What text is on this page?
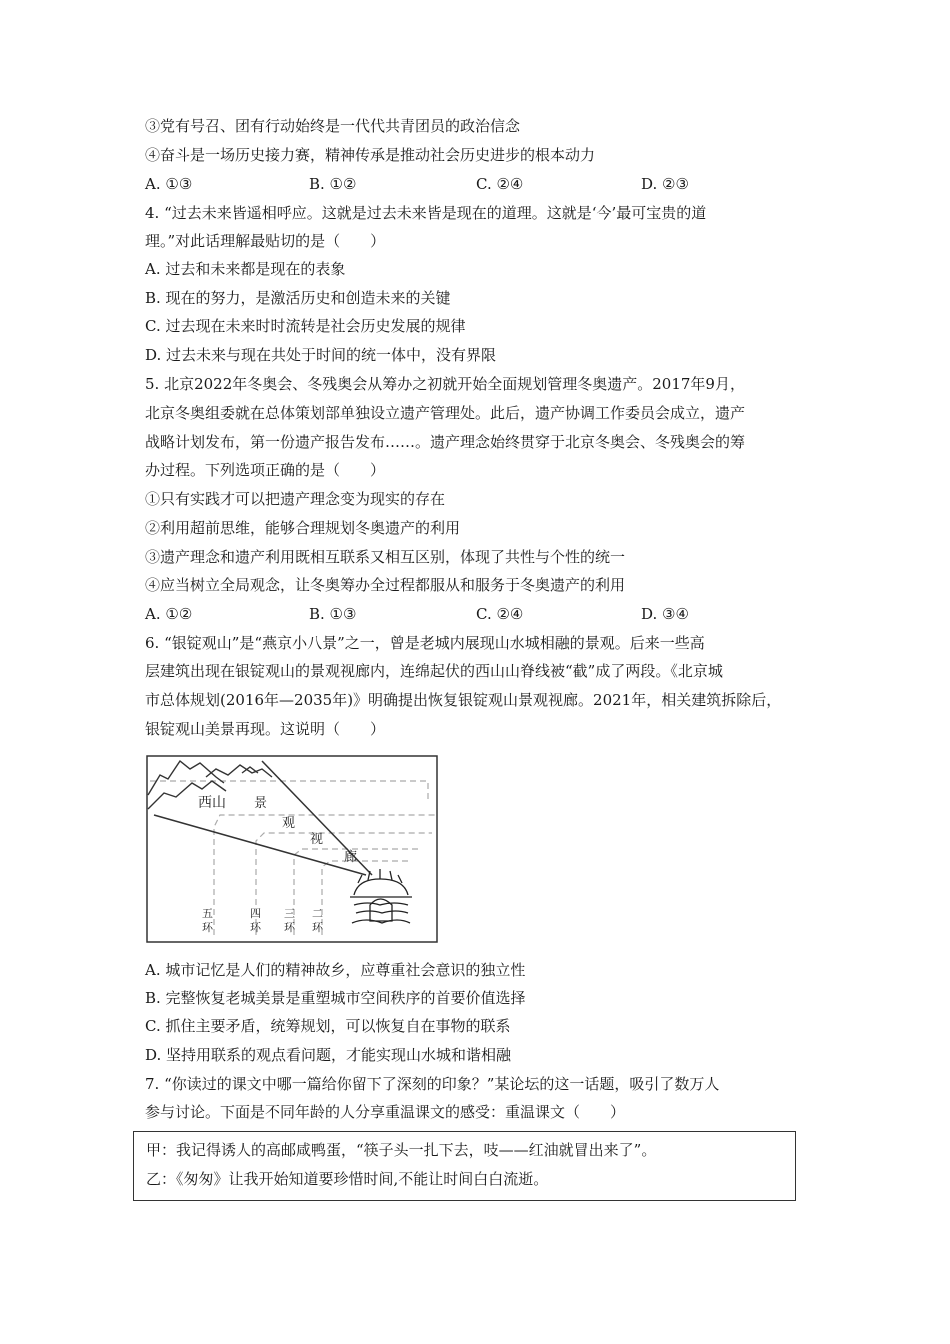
③党有号召、团有行动始终是一代代共青团员的政治信念
④奋斗是一场历史接力赛，精神传承是推动社会历史进步的根本动力
A. ①③	B. ①②	C. ②④	D. ②③
4. “过去未来皆遥相呼应。这就是过去未来皆是现在的道理。这就是‘今’最可宝贵的道
理。”对此话理解最贴切的是（　　）
A. 过去和未来都是现在的表象
B. 现在的努力，是激活历史和创造未来的关键
C. 过去现在未来时时流转是社会历史发展的规律
D. 过去未来与现在共处于时间的统一体中，没有界限
5. 北京2022年冬奥会、冬残奥会从筹办之初就开始全面规划管理冬奥遗产。2017年9月，
北京冬奥组委就在总体策划部单独设立遗产管理处。此后，遗产协调工作委员会成立，遗产
战略计划发布，第一份遗产报告发布……。遗产理念始终贯穿于北京冬奥会、冬残奥会的筹
办过程。下列选项正确的是（　　）
①只有实践才可以把遗产理念变为现实的存在
②利用超前思维，能够合理规划冬奥遗产的利用
③遗产理念和遗产利用既相互联系又相互区别，体现了共性与个性的统一
④应当树立全局观念，让冬奥筹办全过程都服从和服务于冬奥遗产的利用
A. ①②	B. ①③	C. ②④	D. ③④
6. “银锭观山”是“燕京小八景”之一，曾是老城内展现山水城相融的景观。后来一些高
层建筑出现在银锭观山的景观视廊内，连绵起伏的西山山脊线被“截”成了两段。《北京城
市总体规划(2016年—2035年)》明确提出恢复银锭观山景观视廊。2021年，相关建筑拆除后，
银锭观山美景再现。这说明（　　）
西山 景
观
视
廊
五
环
四
环
三
环
二
环
A. 城市记忆是人们的精神故乡，应尊重社会意识的独立性
B. 完整恢复老城美景是重塑城市空间秩序的首要价值选择
C. 抓住主要矛盾，统筹规划，可以恢复自在事物的联系
D. 坚持用联系的观点看问题，才能实现山水城和谐相融
7. “你读过的课文中哪一篇给你留下了深刻的印象？”某论坛的这一话题，吸引了数万人
参与讨论。下面是不同年龄的人分享重温课文的感受：重温课文（　　）
甲：我记得诱人的高邮咸鸭蛋，“筷子头一扎下去，吱——红油就冒出来了”。
乙：《匆匆》让我开始知道要珍惜时间,不能让时间白白流逝。
